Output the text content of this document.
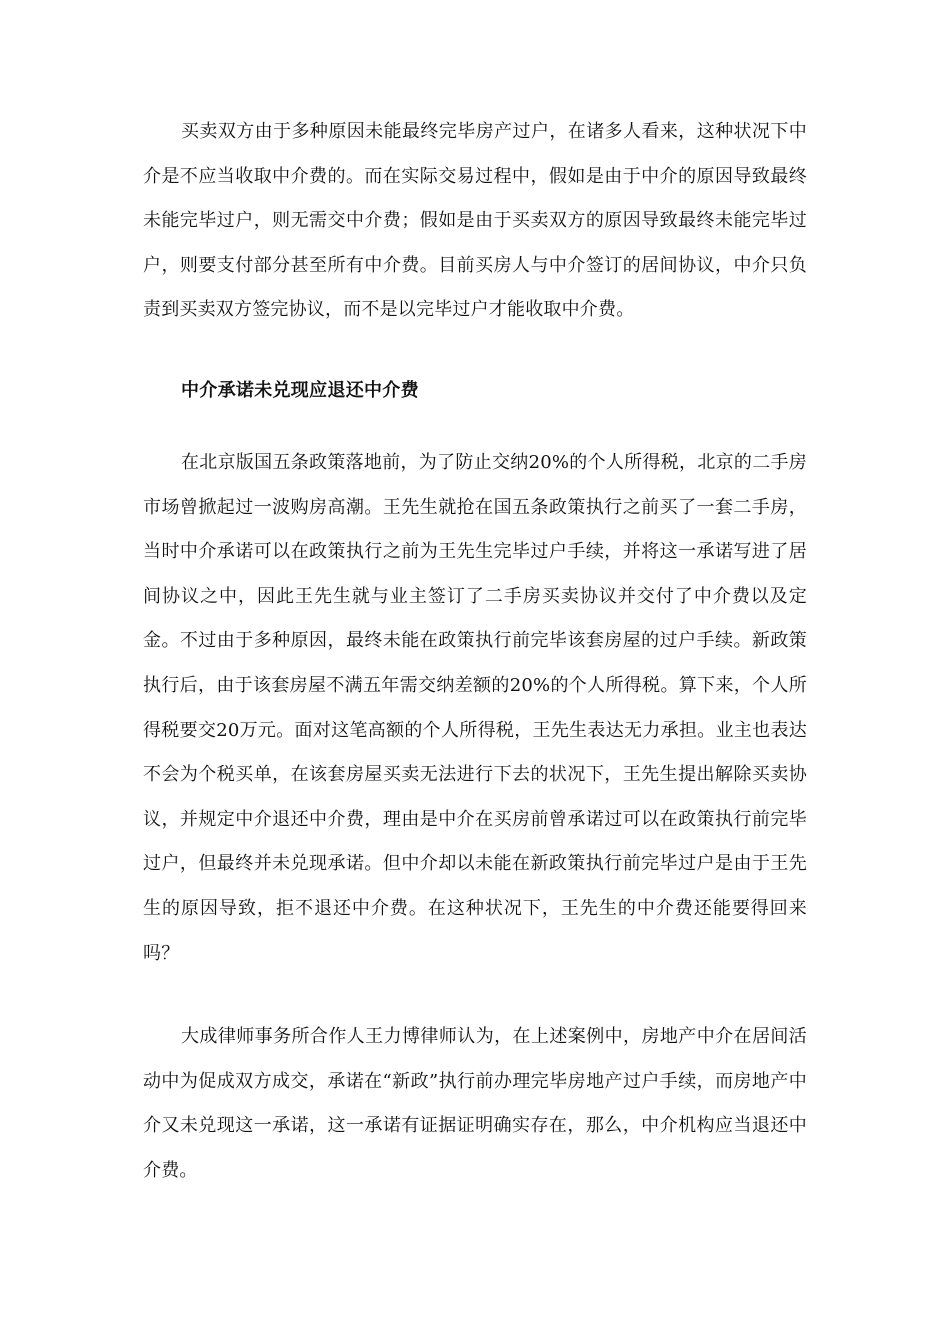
买卖双方由于多种原因未能最终完毕房产过户，在诸多人看来，这种状况下中介是不应当收取中介费的。而在实际交易过程中，假如是由于中介的原因导致最终未能完毕过户，则无需交中介费；假如是由于买卖双方的原因导致最终未能完毕过户，则要支付部分甚至所有中介费。目前买房人与中介签订的居间协议，中介只负责到买卖双方签完协议，而不是以完毕过户才能收取中介费。

中介承诺未兑现应退还中介费

在北京版国五条政策落地前，为了防止交纳20%的个人所得税，北京的二手房市场曾掀起过一波购房高潮。王先生就抢在国五条政策执行之前买了一套二手房，当时中介承诺可以在政策执行之前为王先生完毕过户手续，并将这一承诺写进了居间协议之中，因此王先生就与业主签订了二手房买卖协议并交付了中介费以及定金。不过由于多种原因，最终未能在政策执行前完毕该套房屋的过户手续。新政策执行后，由于该套房屋不满五年需交纳差额的20%的个人所得税。算下来，个人所得税要交20万元。面对这笔高额的个人所得税，王先生表达无力承担。业主也表达不会为个税买单，在该套房屋买卖无法进行下去的状况下，王先生提出解除买卖协议，并规定中介退还中介费，理由是中介在买房前曾承诺过可以在政策执行前完毕过户，但最终并未兑现承诺。但中介却以未能在新政策执行前完毕过户是由于王先生的原因导致，拒不退还中介费。在这种状况下，王先生的中介费还能要得回来吗？

大成律师事务所合作人王力博律师认为，在上述案例中，房地产中介在居间活动中为促成双方成交，承诺在“新政”执行前办理完毕房地产过户手续，而房地产中介又未兑现这一承诺，这一承诺有证据证明确实存在，那么，中介机构应当退还中介费。
